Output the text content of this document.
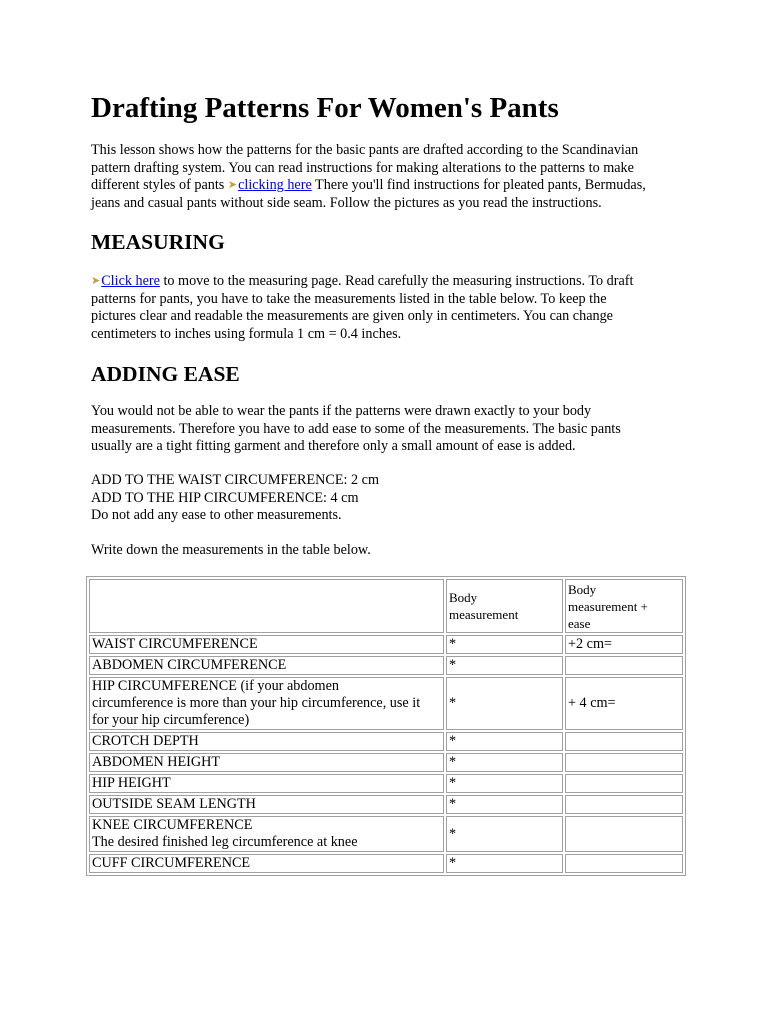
Drafting Patterns For Women's Pants
This lesson shows how the patterns for the basic pants are drafted according to the Scandinavian
pattern drafting system. You can read instructions for making alterations to the patterns to make
different styles of pants ➤clicking here There you'll find instructions for pleated pants, Bermudas,
jeans and casual pants without side seam. Follow the pictures as you read the instructions.
MEASURING
➤Click here to move to the measuring page. Read carefully the measuring instructions. To draft
patterns for pants, you have to take the measurements listed in the table below. To keep the
pictures clear and readable the measurements are given only in centimeters. You can change
centimeters to inches using formula 1 cm = 0.4 inches.
ADDING EASE
You would not be able to wear the pants if the patterns were drawn exactly to your body
measurements. Therefore you have to add ease to some of the measurements. The basic pants
usually are a tight fitting garment and therefore only a small amount of ease is added.
ADD TO THE WAIST CIRCUMFERENCE: 2 cm
ADD TO THE HIP CIRCUMFERENCE: 4 cm
Do not add any ease to other measurements.
Write down the measurements in the table below.

	Body
measurement	Body
measurement +
ease

WAIST CIRCUMFERENCE	*	+2 cm=
ABDOMEN CIRCUMFERENCE	*	

HIP CIRCUMFERENCE (if your abdomen
circumference is more than your hip circumference, use it
for your hip circumference)	*	+ 4 cm=
CROTCH DEPTH	*	
ABDOMEN HEIGHT	*	
HIP HEIGHT	*	
OUTSIDE SEAM LENGTH	*	

KNEE CIRCUMFERENCE
The desired finished leg circumference at knee	*	
CUFF CIRCUMFERENCE	*	
